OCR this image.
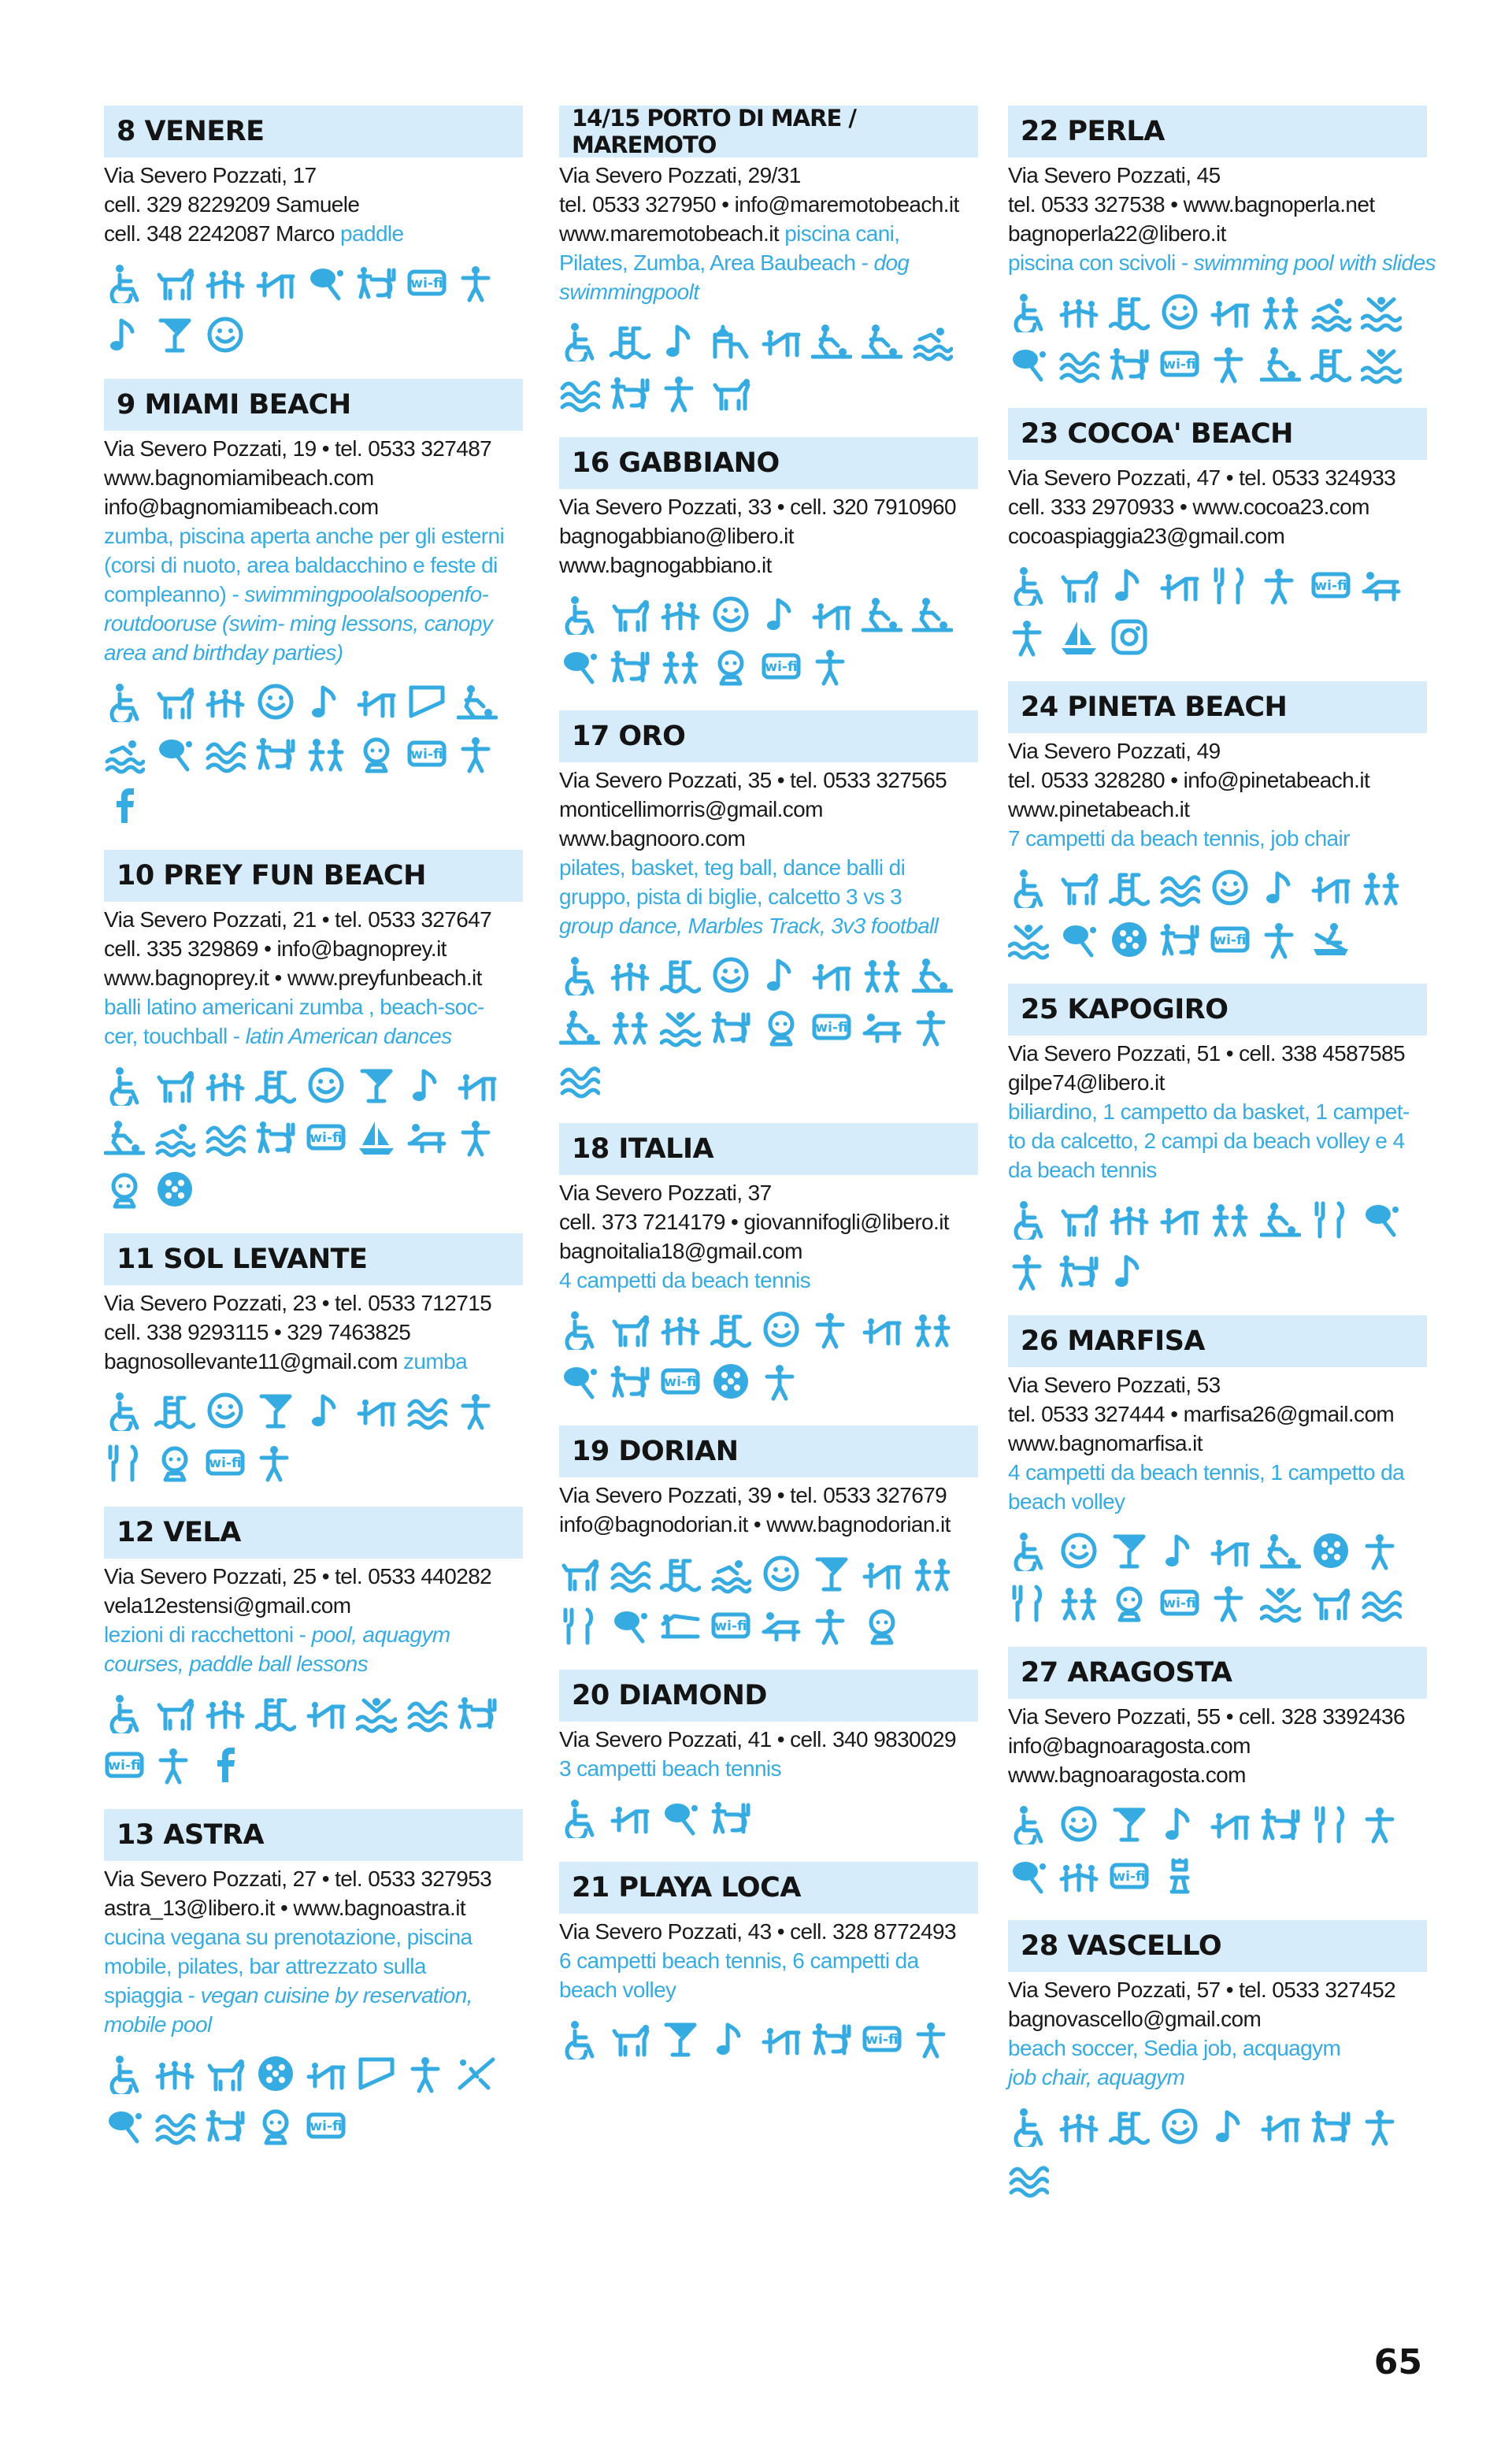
8 VENERE
Via Severo Pozzati, 17
cell. 329 8229209 Samuele
cell. 348 2242087 Marco paddle
wi-fi
9 MIAMI BEACH
Via Severo Pozzati, 19 • tel. 0533 327487
www.bagnomiamibeach.com
info@bagnomiamibeach.com
zumba, piscina aperta anche per gli esterni
(corsi di nuoto, area baldacchino e feste di
compleanno) - swimmingpoolalsoopenfo-
routdooruse (swim- ming lessons, canopy
area and birthday parties)
wi-fi
10 PREY FUN BEACH
Via Severo Pozzati, 21 • tel. 0533 327647
cell. 335 329869 • info@bagnoprey.it
www.bagnoprey.it • www.preyfunbeach.it
balli latino americani zumba , beach-soc-
cer, touchball - latin American dances
wi-fi
11 SOL LEVANTE
Via Severo Pozzati, 23 • tel. 0533 712715
cell. 338 9293115 • 329 7463825
bagnosollevante11@gmail.com zumba
wi-fi
12 VELA
Via Severo Pozzati, 25 • tel. 0533 440282
vela12estensi@gmail.com
lezioni di racchettoni - pool, aquagym
courses, paddle ball lessons
wi-fi
13 ASTRA
Via Severo Pozzati, 27 • tel. 0533 327953
astra_13@libero.it • www.bagnoastra.it
cucina vegana su prenotazione, piscina
mobile, pilates, bar attrezzato sulla
spiaggia - vegan cuisine by reservation,
mobile pool
wi-fi
14/15 PORTO DI MARE / MAREMOTO
Via Severo Pozzati, 29/31
tel. 0533 327950 • info@maremotobeach.it
www.maremotobeach.it piscina cani,
Pilates, Zumba, Area Baubeach - dog
swimmingpoolt
16 GABBIANO
Via Severo Pozzati, 33 • cell. 320 7910960
bagnogabbiano@libero.it
www.bagnogabbiano.it
wi-fi
17 ORO
Via Severo Pozzati, 35 • tel. 0533 327565
monticellimorris@gmail.com
www.bagnooro.com
pilates, basket, teg ball, dance balli di
gruppo, pista di biglie, calcetto 3 vs 3
group dance, Marbles Track, 3v3 football
wi-fi
18 ITALIA
Via Severo Pozzati, 37
cell. 373 7214179 • giovannifogli@libero.it
bagnoitalia18@gmail.com
4 campetti da beach tennis
wi-fi
19 DORIAN
Via Severo Pozzati, 39 • tel. 0533 327679
info@bagnodorian.it • www.bagnodorian.it
wi-fi
20 DIAMOND
Via Severo Pozzati, 41 • cell. 340 9830029
3 campetti beach tennis
21 PLAYA LOCA
Via Severo Pozzati, 43 • cell. 328 8772493
6 campetti beach tennis, 6 campetti da
beach volley
wi-fi
22 PERLA
Via Severo Pozzati, 45
tel. 0533 327538 • www.bagnoperla.net
bagnoperla22@libero.it
piscina con scivoli - swimming pool with slides
wi-fi
23 COCOA' BEACH
Via Severo Pozzati, 47 • tel. 0533 324933
cell. 333 2970933 • www.cocoa23.com
cocoaspiaggia23@gmail.com
wi-fi
24 PINETA BEACH
Via Severo Pozzati, 49
tel. 0533 328280 • info@pinetabeach.it
www.pinetabeach.it
7 campetti da beach tennis, job chair
wi-fi
25 KAPOGIRO
Via Severo Pozzati, 51 • cell. 338 4587585
gilpe74@libero.it
biliardino, 1 campetto da basket, 1 campet-
to da calcetto, 2 campi da beach volley e 4
da beach tennis
26 MARFISA
Via Severo Pozzati, 53
tel. 0533 327444 • marfisa26@gmail.com
www.bagnomarfisa.it
4 campetti da beach tennis, 1 campetto da
beach volley
wi-fi
27 ARAGOSTA
Via Severo Pozzati, 55 • cell. 328 3392436
info@bagnoaragosta.com
www.bagnoaragosta.com
wi-fi
28 VASCELLO
Via Severo Pozzati, 57 • tel. 0533 327452
bagnovascello@gmail.com
beach soccer, Sedia job, acquagym
job chair, aquagym
65
